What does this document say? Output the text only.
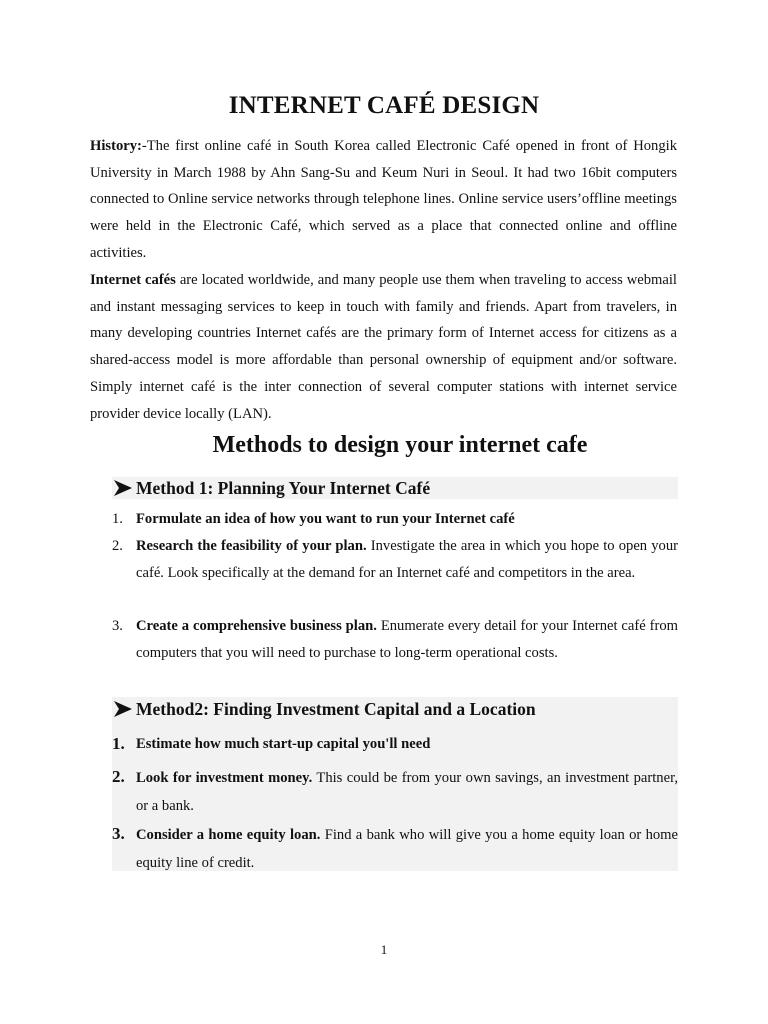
INTERNET CAFÉ DESIGN
History:-The first online café in South Korea called Electronic Café opened in front of Hongik University in March 1988 by Ahn Sang-Su and Keum Nuri in Seoul. It had two 16bit computers connected to Online service networks through telephone lines. Online service users’offline meetings were held in the Electronic Café, which served as a place that connected online and offline activities.
Internet cafés are located worldwide, and many people use them when traveling to access webmail and instant messaging services to keep in touch with family and friends. Apart from travelers, in many developing countries Internet cafés are the primary form of Internet access for citizens as a shared-access model is more affordable than personal ownership of equipment and/or software. Simply internet café is the inter connection of several computer stations with internet service provider device locally (LAN).
Methods to design your internet cafe
Method 1: Planning Your Internet Café
1. Formulate an idea of how you want to run your Internet café
2. Research the feasibility of your plan. Investigate the area in which you hope to open your café. Look specifically at the demand for an Internet café and competitors in the area.
3. Create a comprehensive business plan. Enumerate every detail for your Internet café from computers that you will need to purchase to long-term operational costs.
Method2: Finding Investment Capital and a Location
1. Estimate how much start-up capital you'll need
2. Look for investment money. This could be from your own savings, an investment partner, or a bank.
3. Consider a home equity loan. Find a bank who will give you a home equity loan or home equity line of credit.
1
